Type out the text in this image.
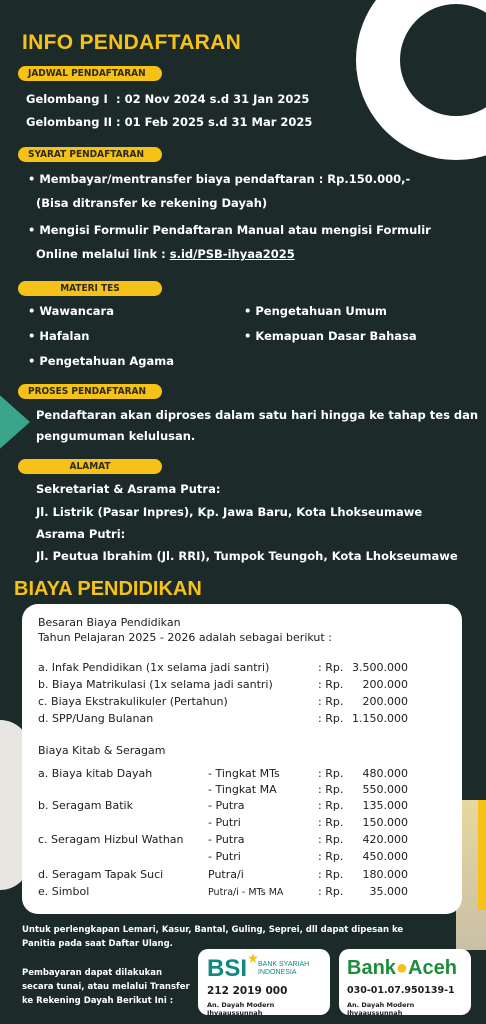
INFO PENDAFTARAN
JADWAL PENDAFTARAN
Gelombang I : 02 Nov 2024 s.d 31 Jan 2025
Gelombang II : 01 Feb 2025 s.d 31 Mar 2025
SYARAT PENDAFTARAN
• Membayar/mentransfer biaya pendaftaran : Rp.150.000,-
(Bisa ditransfer ke rekening Dayah)
• Mengisi Formulir Pendaftaran Manual atau mengisi Formulir
Online melalui link : s.id/PSB-ihyaa2025
MATERI TES
• Wawancara	• Pengetahuan Umum
• Hafalan	• Kemapuan Dasar Bahasa
• Pengetahuan Agama
PROSES PENDAFTARAN
Pendaftaran akan diproses dalam satu hari hingga ke tahap tes dan
pengumuman kelulusan.
ALAMAT
Sekretariat & Asrama Putra:
Jl. Listrik (Pasar Inpres), Kp. Jawa Baru, Kota Lhokseumawe
Asrama Putri:
Jl. Peutua Ibrahim (Jl. RRI), Tumpok Teungoh, Kota Lhokseumawe
BIAYA PENDIDIKAN
Besaran Biaya Pendidikan
Tahun Pelajaran 2025 - 2026 adalah sebagai berikut :
a. Infak Pendidikan (1x selama jadi santri)	: Rp. 3.500.000
b. Biaya Matrikulasi (1x selama jadi santri)	: Rp. 200.000
c. Biaya Ekstrakulikuler (Pertahun)	: Rp. 200.000
d. SPP/Uang Bulanan	: Rp. 1.150.000
Biaya Kitab & Seragam
a. Biaya kitab Dayah	- Tingkat MTs	: Rp. 480.000
- Tingkat MA	: Rp. 550.000
b. Seragam Batik	- Putra	: Rp. 135.000
- Putri	: Rp. 150.000
c. Seragam Hizbul Wathan - Putra	: Rp. 420.000
- Putri	: Rp. 450.000
d. Seragam Tapak Suci	Putra/i	: Rp. 180.000
e. Simbol	Putra/i - MTs MA	: Rp. 35.000
Untuk perlengkapan Lemari, Kasur, Bantal, Guling, Seprei, dll dapat dipesan ke
Panitia pada saat Daftar Ulang.
Pembayaran dapat dilakukan
secara tunai, atau melalui Transfer
ke Rekening Dayah Berikut Ini :
BSI BANK SYARIAH
INDONESIA
212 2019 000
An. Dayah Modern Ihyaaussunnah
Bank●Aceh
030-01.07.950139-1
An. Dayah Modern Ihyaaussunnah
